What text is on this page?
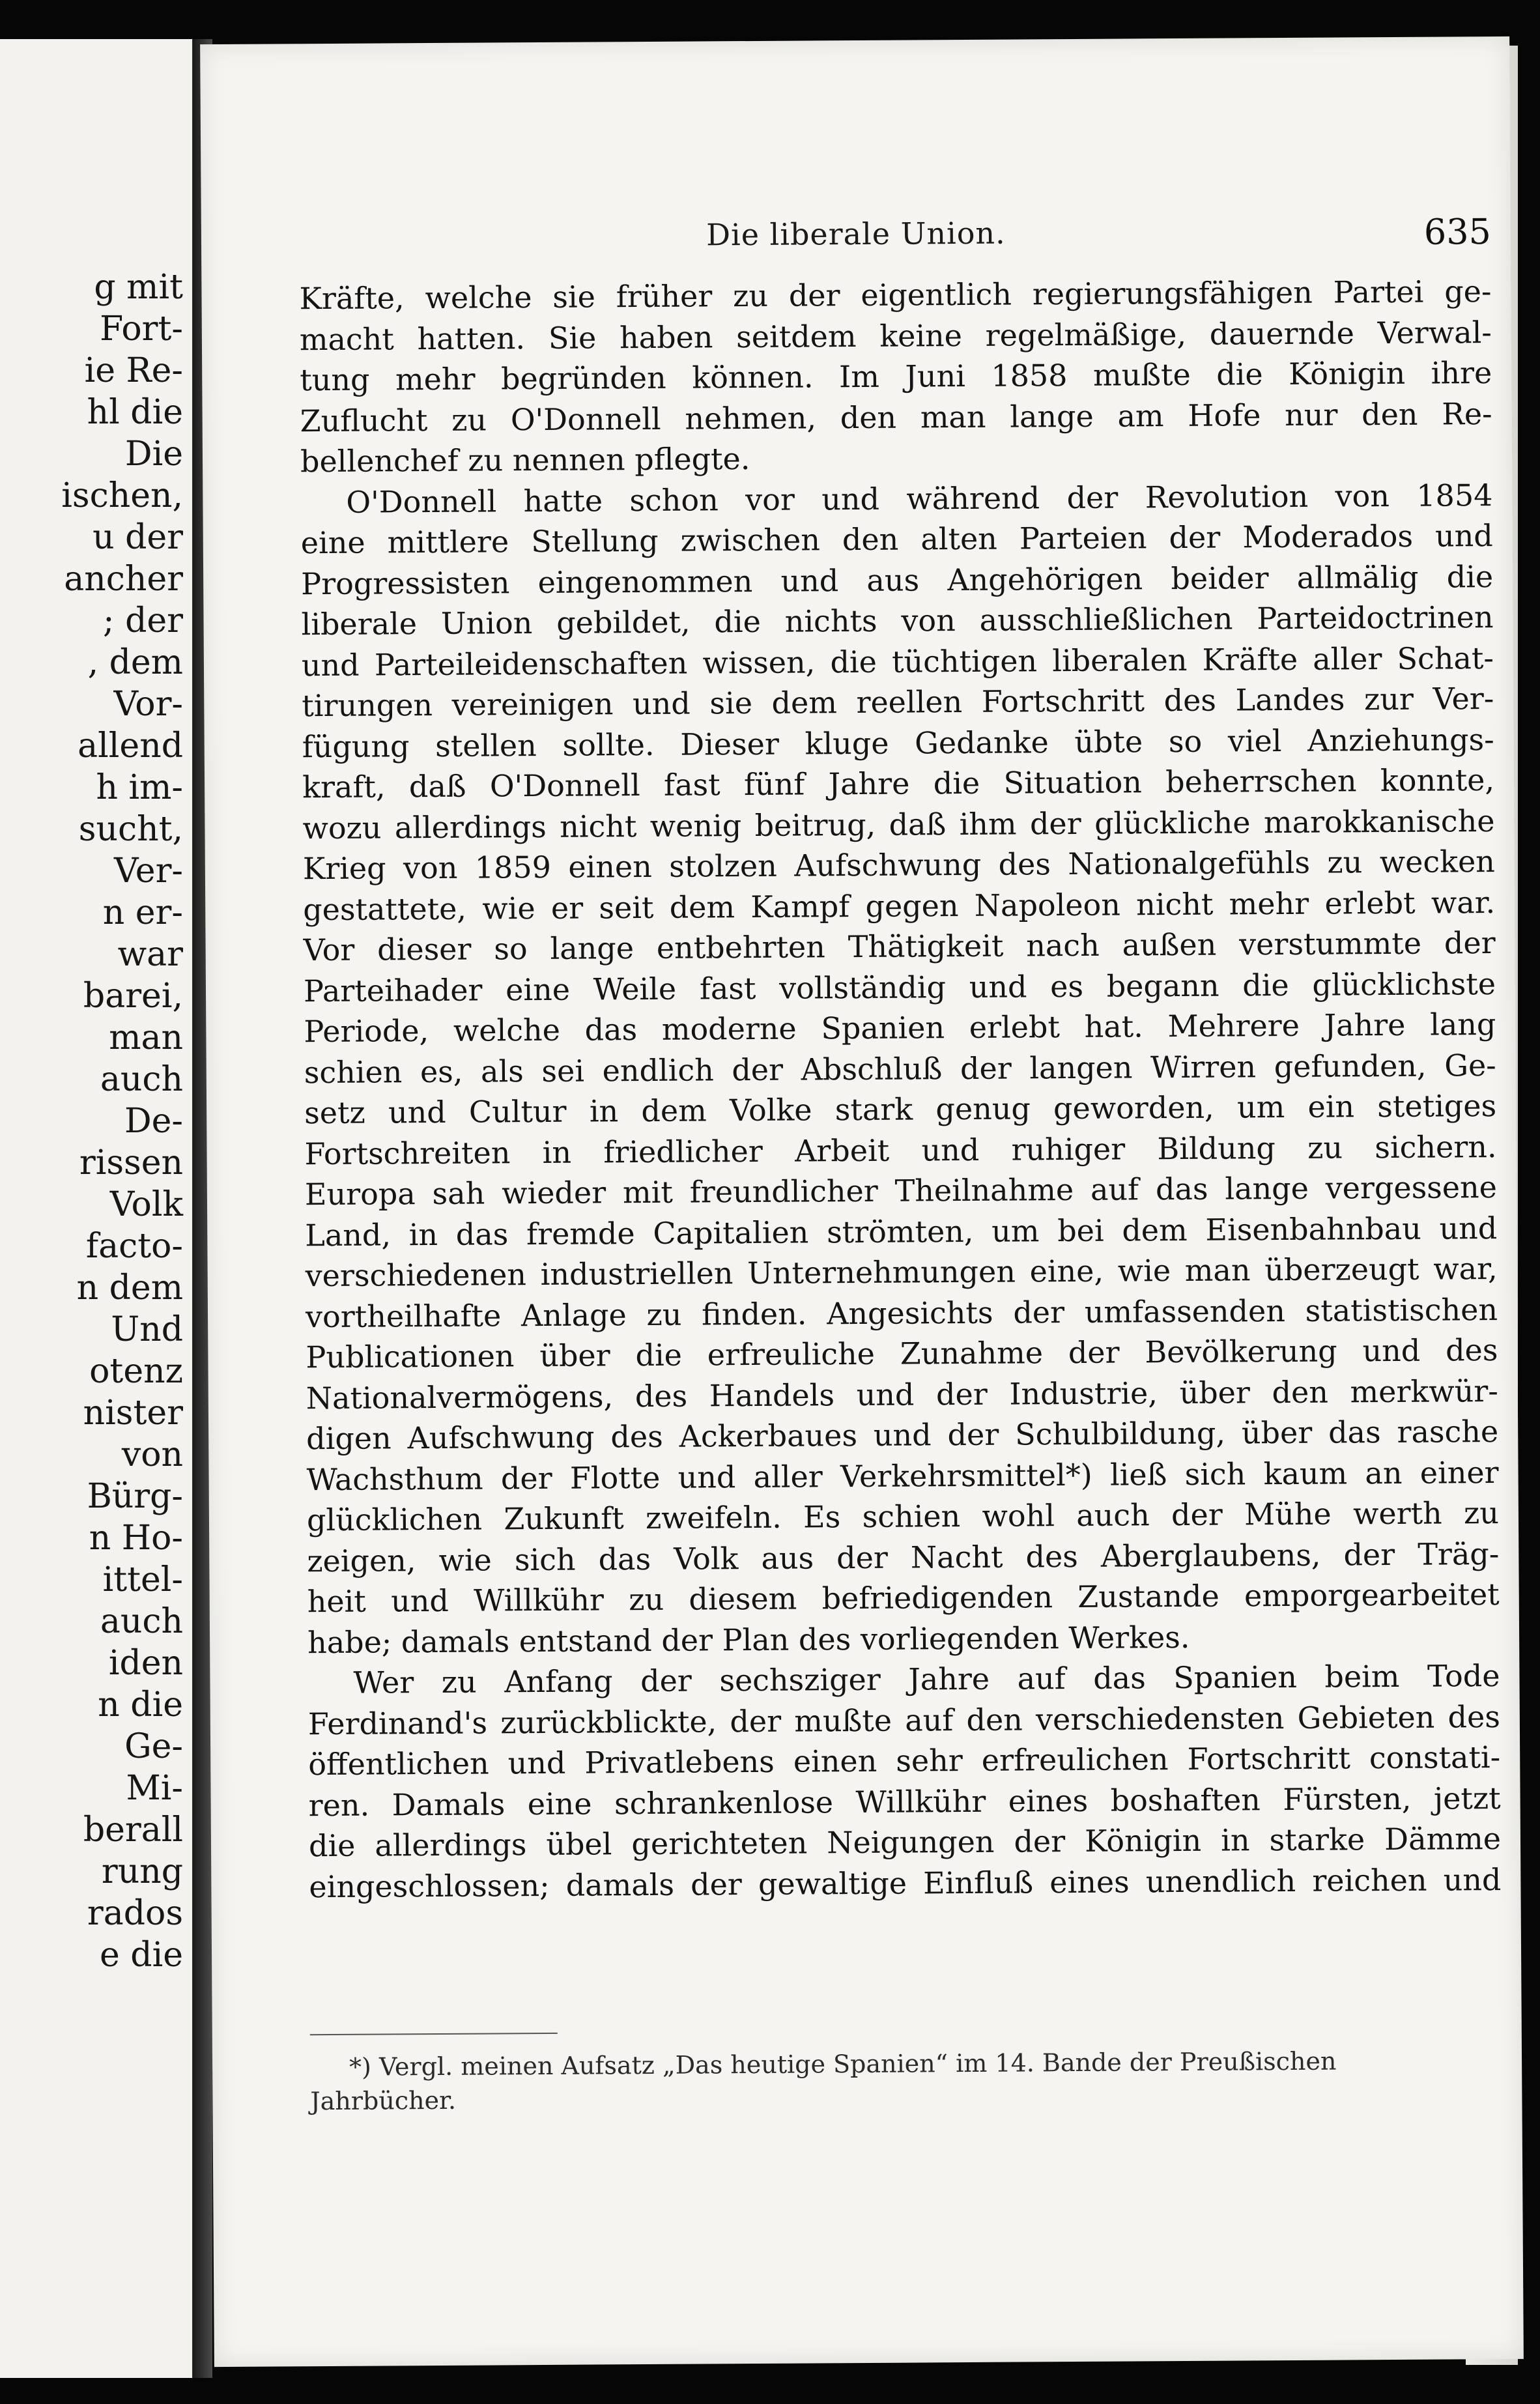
g mit
Fort-
ie Re-
hl die
Die
ischen,
u der
ancher
; der
, dem
Vor-
allend
h im-
sucht,
Ver-
n er-
war
barei,
man
auch
De-
rissen
Volk
facto-
n dem
Und
otenz
nister
von
Bürg-
n Ho-
ittel-
auch
iden
n die
Ge-
Mi-
berall
rung
rados
e die
Die liberale Union.	635
Kräfte, welche sie früher zu der eigentlich regierungsfähigen Partei ge-
macht hatten. Sie haben seitdem keine regelmäßige, dauernde Verwal-
tung mehr begründen können. Im Juni 1858 mußte die Königin ihre
Zuflucht zu O'Donnell nehmen, den man lange am Hofe nur den Re-
bellenchef zu nennen pflegte.
O'Donnell hatte schon vor und während der Revolution von 1854
eine mittlere Stellung zwischen den alten Parteien der Moderados und
Progressisten eingenommen und aus Angehörigen beider allmälig die
liberale Union gebildet, die nichts von ausschließlichen Parteidoctrinen
und Parteileidenschaften wissen, die tüchtigen liberalen Kräfte aller Schat-
tirungen vereinigen und sie dem reellen Fortschritt des Landes zur Ver-
fügung stellen sollte. Dieser kluge Gedanke übte so viel Anziehungs-
kraft, daß O'Donnell fast fünf Jahre die Situation beherrschen konnte,
wozu allerdings nicht wenig beitrug, daß ihm der glückliche marokkanische
Krieg von 1859 einen stolzen Aufschwung des Nationalgefühls zu wecken
gestattete, wie er seit dem Kampf gegen Napoleon nicht mehr erlebt war.
Vor dieser so lange entbehrten Thätigkeit nach außen verstummte der
Parteihader eine Weile fast vollständig und es begann die glücklichste
Periode, welche das moderne Spanien erlebt hat. Mehrere Jahre lang
schien es, als sei endlich der Abschluß der langen Wirren gefunden, Ge-
setz und Cultur in dem Volke stark genug geworden, um ein stetiges
Fortschreiten in friedlicher Arbeit und ruhiger Bildung zu sichern.
Europa sah wieder mit freundlicher Theilnahme auf das lange vergessene
Land, in das fremde Capitalien strömten, um bei dem Eisenbahnbau und
verschiedenen industriellen Unternehmungen eine, wie man überzeugt war,
vortheilhafte Anlage zu finden. Angesichts der umfassenden statistischen
Publicationen über die erfreuliche Zunahme der Bevölkerung und des
Nationalvermögens, des Handels und der Industrie, über den merkwür-
digen Aufschwung des Ackerbaues und der Schulbildung, über das rasche
Wachsthum der Flotte und aller Verkehrsmittel*) ließ sich kaum an einer
glücklichen Zukunft zweifeln. Es schien wohl auch der Mühe werth zu
zeigen, wie sich das Volk aus der Nacht des Aberglaubens, der Träg-
heit und Willkühr zu diesem befriedigenden Zustande emporgearbeitet
habe; damals entstand der Plan des vorliegenden Werkes.
Wer zu Anfang der sechsziger Jahre auf das Spanien beim Tode
Ferdinand's zurückblickte, der mußte auf den verschiedensten Gebieten des
öffentlichen und Privatlebens einen sehr erfreulichen Fortschritt constati-
ren. Damals eine schrankenlose Willkühr eines boshaften Fürsten, jetzt
die allerdings übel gerichteten Neigungen der Königin in starke Dämme
eingeschlossen; damals der gewaltige Einfluß eines unendlich reichen und
*) Vergl. meinen Aufsatz „Das heutige Spanien“ im 14. Bande der Preußischen
Jahrbücher.
